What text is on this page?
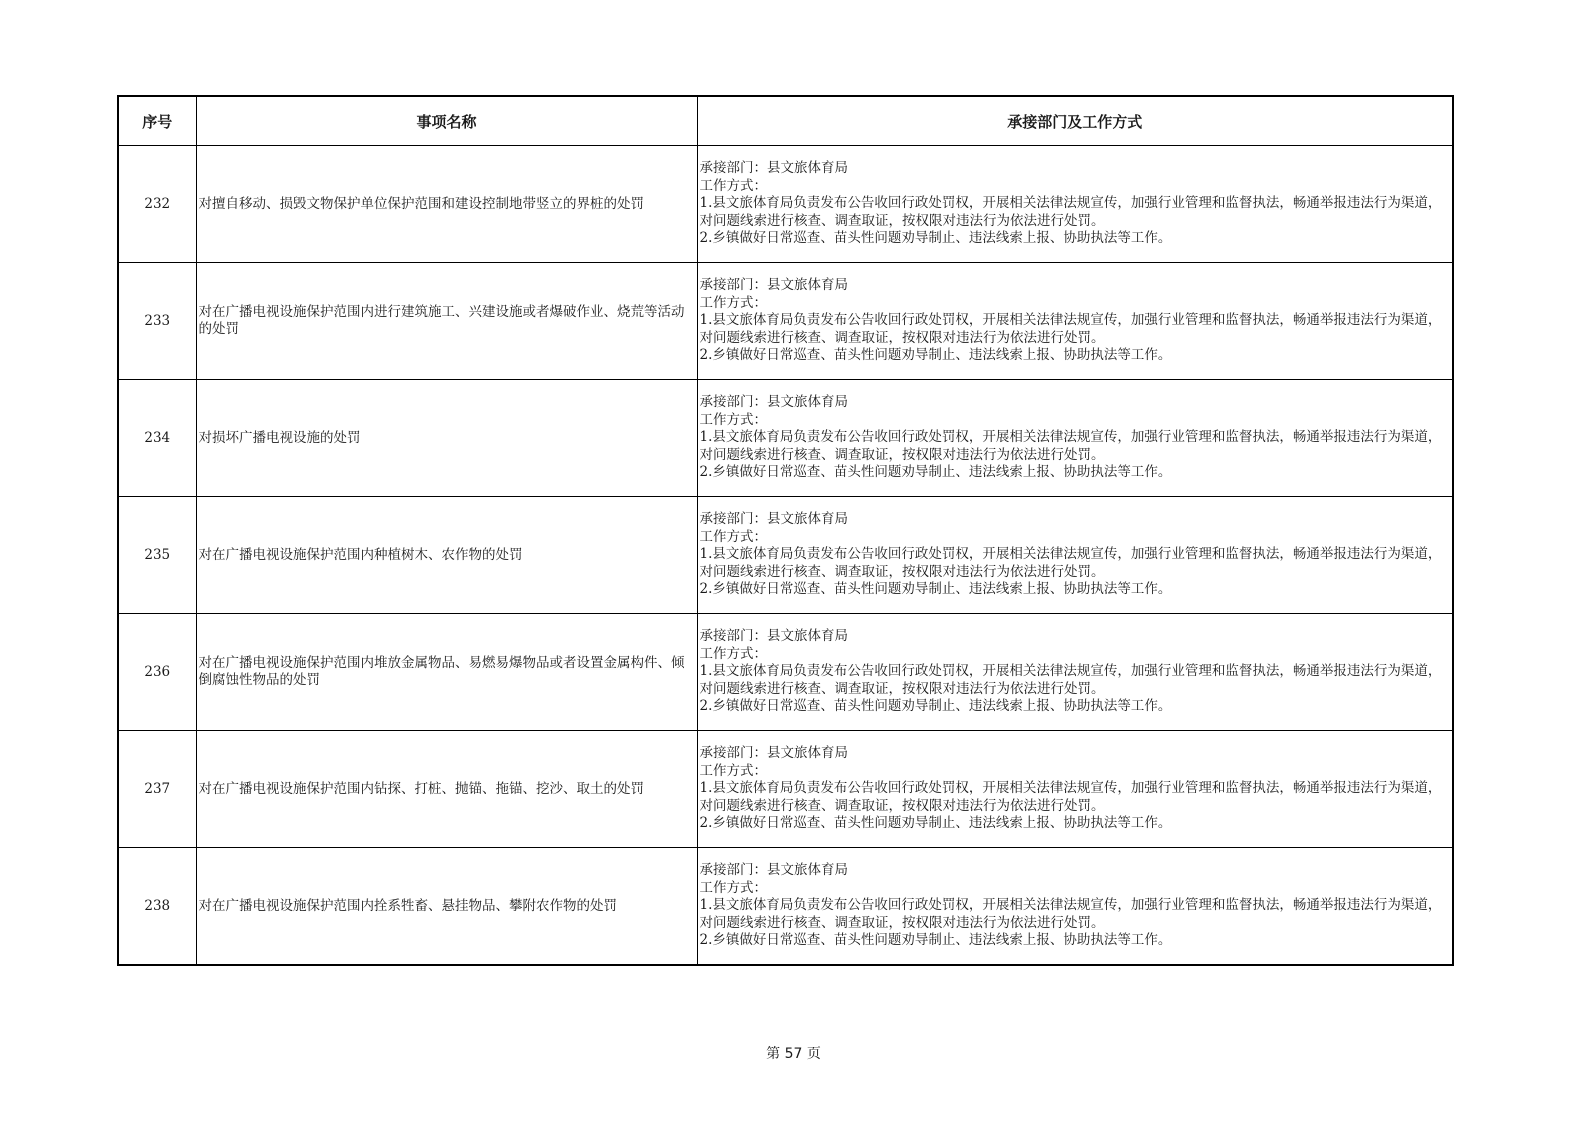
序号	事项名称	承接部门及工作方式
232	对擅自移动、损毁文物保护单位保护范围和建设控制地带竖立的界桩的处罚	承接部门：县文旅体育局
工作方式：
1.县文旅体育局负责发布公告收回行政处罚权，开展相关法律法规宣传，加强行业管理和监督执法，畅通举报违法行为渠道，对问题线索进行核查、调查取证，按权限对违法行为依法进行处罚。
2.乡镇做好日常巡查、苗头性问题劝导制止、违法线索上报、协助执法等工作。

233	对在广播电视设施保护范围内进行建筑施工、兴建设施或者爆破作业、烧荒等活动的处罚	承接部门：县文旅体育局
工作方式：
1.县文旅体育局负责发布公告收回行政处罚权，开展相关法律法规宣传，加强行业管理和监督执法，畅通举报违法行为渠道，对问题线索进行核查、调查取证，按权限对违法行为依法进行处罚。
2.乡镇做好日常巡查、苗头性问题劝导制止、违法线索上报、协助执法等工作。

234	对损坏广播电视设施的处罚	承接部门：县文旅体育局
工作方式：
1.县文旅体育局负责发布公告收回行政处罚权，开展相关法律法规宣传，加强行业管理和监督执法，畅通举报违法行为渠道，对问题线索进行核查、调查取证，按权限对违法行为依法进行处罚。
2.乡镇做好日常巡查、苗头性问题劝导制止、违法线索上报、协助执法等工作。

235	对在广播电视设施保护范围内种植树木、农作物的处罚	承接部门：县文旅体育局
工作方式：
1.县文旅体育局负责发布公告收回行政处罚权，开展相关法律法规宣传，加强行业管理和监督执法，畅通举报违法行为渠道，对问题线索进行核查、调查取证，按权限对违法行为依法进行处罚。
2.乡镇做好日常巡查、苗头性问题劝导制止、违法线索上报、协助执法等工作。

236	对在广播电视设施保护范围内堆放金属物品、易燃易爆物品或者设置金属构件、倾倒腐蚀性物品的处罚	承接部门：县文旅体育局
工作方式：
1.县文旅体育局负责发布公告收回行政处罚权，开展相关法律法规宣传，加强行业管理和监督执法，畅通举报违法行为渠道，对问题线索进行核查、调查取证，按权限对违法行为依法进行处罚。
2.乡镇做好日常巡查、苗头性问题劝导制止、违法线索上报、协助执法等工作。

237	对在广播电视设施保护范围内钻探、打桩、抛锚、拖锚、挖沙、取土的处罚	承接部门：县文旅体育局
工作方式：
1.县文旅体育局负责发布公告收回行政处罚权，开展相关法律法规宣传，加强行业管理和监督执法，畅通举报违法行为渠道，对问题线索进行核查、调查取证，按权限对违法行为依法进行处罚。
2.乡镇做好日常巡查、苗头性问题劝导制止、违法线索上报、协助执法等工作。

238	对在广播电视设施保护范围内拴系牲畜、悬挂物品、攀附农作物的处罚	承接部门：县文旅体育局
工作方式：
1.县文旅体育局负责发布公告收回行政处罚权，开展相关法律法规宣传，加强行业管理和监督执法，畅通举报违法行为渠道，对问题线索进行核查、调查取证，按权限对违法行为依法进行处罚。
2.乡镇做好日常巡查、苗头性问题劝导制止、违法线索上报、协助执法等工作。
第 57 页
